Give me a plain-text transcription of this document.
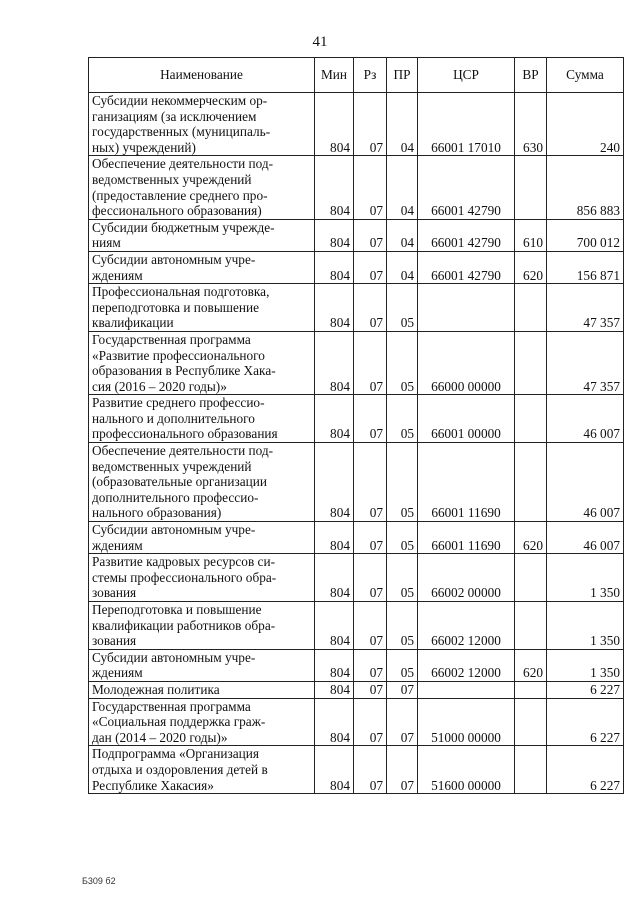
41
Наименование	Мин	Рз	ПР	ЦСР	ВР	Сумма
Субсидии некоммерческим ор-
ганизациям (за исключением
государственных (муниципаль-
ных) учреждений)	804	07	04	66001 17010	630	240
Обеспечение деятельности под-
ведомственных учреждений
(предоставление среднего про-
фессионального образования)	804	07	04	66001 42790		856 883
Субсидии бюджетным учрежде-
ниям	804	07	04	66001 42790	610	700 012
Субсидии автономным учре-
ждениям	804	07	04	66001 42790	620	156 871
Профессиональная подготовка,
переподготовка и повышение
квалификации	804	07	05			47 357
Государственная программа
«Развитие профессионального
образования в Республике Хака-
сия (2016 – 2020 годы)»	804	07	05	66000 00000		47 357
Развитие среднего профессио-
нального и дополнительного
профессионального образования	804	07	05	66001 00000		46 007
Обеспечение деятельности под-
ведомственных учреждений
(образовательные организации
дополнительного профессио-
нального образования)	804	07	05	66001 11690		46 007
Субсидии автономным учре-
ждениям	804	07	05	66001 11690	620	46 007
Развитие кадровых ресурсов си-
стемы профессионального обра-
зования	804	07	05	66002 00000		1 350
Переподготовка и повышение
квалификации работников обра-
зования	804	07	05	66002 12000		1 350
Субсидии автономным учре-
ждениям	804	07	05	66002 12000	620	1 350
Молодежная политика	804	07	07			6 227
Государственная программа
«Социальная поддержка граж-
дан (2014 – 2020 годы)»	804	07	07	51000 00000		6 227
Подпрограмма «Организация
отдыха и оздоровления детей в
Республике Хакасия»	804	07	07	51600 00000		6 227
Б309 б2
